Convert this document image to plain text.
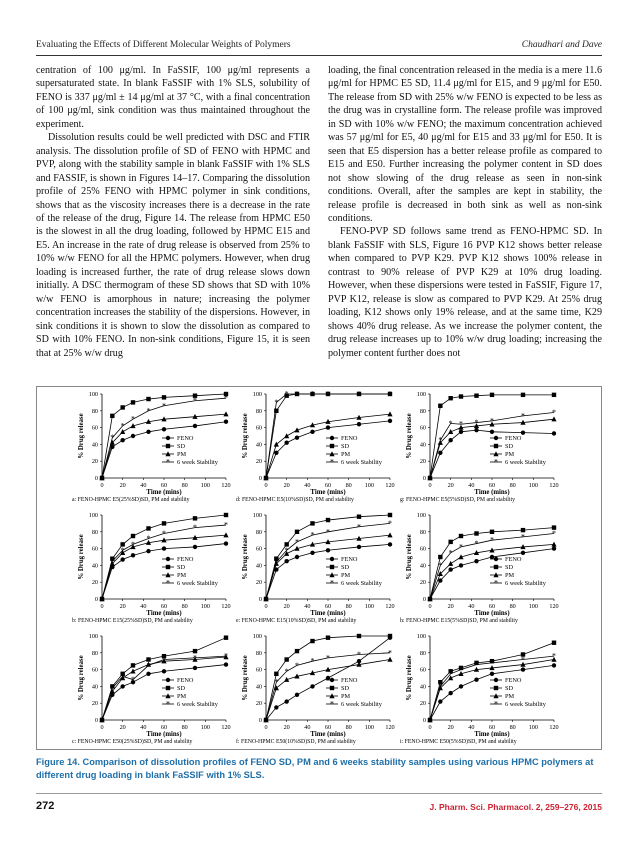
Evaluating the Effects of Different Molecular Weights of Polymers	Chaudhari and Dave

centration of 100 μg/ml. In FaSSIF, 100 μg/ml represents a supersaturated state. In blank FaSSIF with 1% SLS, solubility of FENO is 337 μg/ml ± 14 μg/ml at 37 °C, with a final concentration of 100 μg/ml, sink condition was thus maintained throughout the experiment.

Dissolution results could be well predicted with DSC and FTIR analysis. The dissolution profile of SD of FENO with HPMC and PVP, along with the stability sample in blank FaSSIF with 1% SLS and FASSIF, is shown in Figures 14–17. Comparing the dissolution profile of 25% FENO with HPMC polymer in sink conditions, shows that as the viscosity increases there is a decrease in the rate of the release of the drug, Figure 14. The release from HPMC E50 is the slowest in all the drug loading, followed by HPMC E15 and E5. An increase in the rate of drug release is observed from 25% to 10% w/w FENO for all the HPMC polymers. However, when drug loading is increased further, the rate of drug release slows down initially. A DSC thermogram of these SD shows that SD with 10% w/w FENO is amorphous in nature; increasing the polymer concentration increases the stability of the dispersions. However, in sink conditions it is shown to slow the dissolution as compared to SD with 10% FENO. In non-sink conditions, Figure 15, it is seen that at 25% w/w drug

loading, the final concentration released in the media is a mere 11.6 μg/ml for HPMC E5 SD, 11.4 μg/ml for E15, and 9 μg/ml for E50. The release from SD with 25% w/w FENO is expected to be less as the drug was in crystalline form. The release profile was improved in SD with 10% w/w FENO; the maximum concentration achieved was 57 μg/ml for E5, 40 μg/ml for E15 and 33 μg/ml for E50. It is seen that E5 dispersion has a better release profile as compared to E15 and E50. Further increasing the polymer content in SD does not show slowing of the drug release as seen in non-sink conditions. Overall, after the samples are kept in stability, the release profile is decreased in both sink as well as non-sink conditions.

FENO-PVP SD follows same trend as FENO-HPMC SD. In blank FaSSIF with SLS, Figure 16 PVP K12 shows better release when compared to PVP K29. PVP K12 shows 100% release in contrast to 90% release of PVP K29 at 10% drug loading. However, when these dispersions were tested in FaSSIF, Figure 17, PVP K12, release is slow as compared to PVP K29. At 25% drug loading, K12 shows only 19% release, and at the same time, K29 shows 40% drug release. As we increase the polymer content, the drug release increases up to 10% w/w drug loading; increasing the polymer content further does not

0	20 40 60 80 100 120
0
20
40
60
80
100
Time (mins)
% Drug release
*
*
*
*
*
*
*	*
FENO
SD
PM
* 6 week Stability
a: FENO-HPMC E5(25%SD)SD, PM and stability
0	20 40 60 80 100 120
0
20
40
60
80
100
Time (mins)
% Drug release
*
*
* * * *	*	*
FENO
SD
PM
* 6 week Stability
d: FENO-HPMC E5(10%SD)SD, PM and stability
0	20 40 60 80 100 120
0
20
40
60
80
100
Time (mins)
% Drug release
*
*
* * * *
*	*
FENO
SD
PM
* 6 week Stability
g: FENO-HPMC E5(5%SD)SD, PM and stability
0	20 40 60 80 100 120
0
20
40
60
80
100
Time (mins)
% Drug release
*
*
*
*
*
*
*	*
FENO
SD
PM
* 6 week Stability
b: FENO-HPMC E15(25%SD)SD, PM and stability
0	20 40 60 80 100 120
0
20
40
60
80
100
Time (mins)
% Drug release
*
*
*
*
* *
*	*
FENO
SD
PM
* 6 week Stability
e: FENO-HPMC E15(10%SD)SD, PM and stability
0	20 40 60 80 100 120
0
20
40
60
80
100
Time (mins)
% Drug release
*
*
*
* * *	*	*
FENO
SD
PM
* 6 week Stability
h: FENO-HPMC E15(5%SD)SD, PM and stability
0	20 40 60 80 100 120
0
20
40
60
80
100
Time (mins)
% Drug release
*
*
* *
*
*	*	*
FENO
SD
PM
* 6 week Stability
c: FENO-HPMC E50(25%SD)SD, PM and stability
0	20 40 60 80 100 120
0
20
40
60
80
100
Time (mins)
% Drug release
*
*
*
* * *	*	*
FENO
SD
PM
* 6 week Stability
f: FENO-HPMC E50(10%SD)SD, PM and stability
0	20 40 60 80 100 120
0
20
40
60
80
100
Time (mins)
% Drug release
*
*
* *
* *	*	*
FENO
SD
PM
* 6 week Stability
i: FENO-HPMC E50(5%SD)SD, PM and stability
Figure 14. Comparison of dissolution profiles of FENO SD, PM and 6 weeks stability samples using various HPMC polymers at different drug loading in blank FaSSIF with 1% SLS.
272	J. Pharm. Sci. Pharmacol. 2, 259–276, 2015
